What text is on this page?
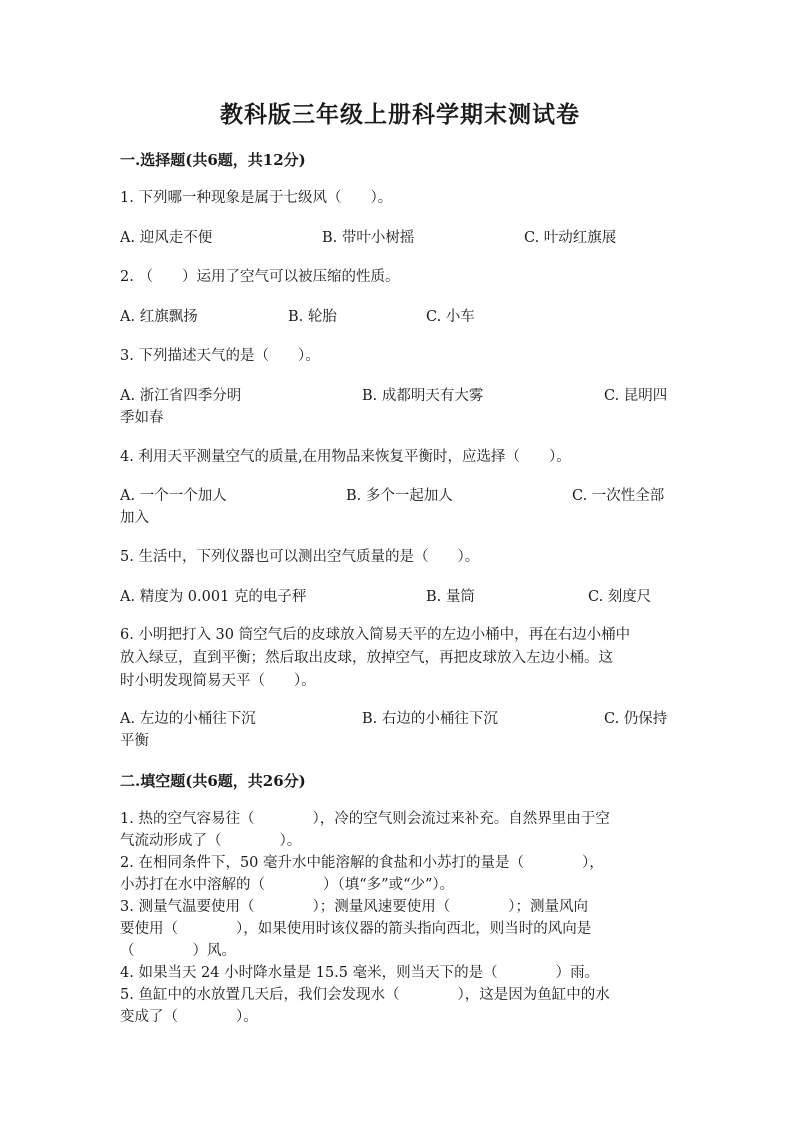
教科版三年级上册科学期末测试卷
一.选择题(共6题，共12分)
1. 下列哪一种现象是属于七级风（　　）。
A. 迎风走不便	B. 带叶小树摇	C. 叶动红旗展
2. （　　）运用了空气可以被压缩的性质。
A. 红旗飘扬	B. 轮胎	C. 小车
3. 下列描述天气的是（　　）。
A. 浙江省四季分明	B. 成都明天有大雾	C. 昆明四
季如春
4. 利用天平测量空气的质量,在用物品来恢复平衡时，应选择（　　）。
A. 一个一个加人	B. 多个一起加人	C. 一次性全部
加入
5. 生活中，下列仪器也可以测出空气质量的是（　　）。
A. 精度为 0.001 克的电子秤	B. 量筒	C. 刻度尺
6. 小明把打入 30 筒空气后的皮球放入简易天平的左边小桶中，再在右边小桶中
放入绿豆，直到平衡；然后取出皮球，放掉空气，再把皮球放入左边小桶。这
时小明发现简易天平（　　）。
A. 左边的小桶往下沉	B. 右边的小桶往下沉	C. 仍保持
平衡
二.填空题(共6题，共26分)
1. 热的空气容易往（　　　　），冷的空气则会流过来补充。自然界里由于空
气流动形成了（　　　　）。
2. 在相同条件下，50 毫升水中能溶解的食盐和小苏打的量是（　　　　），
小苏打在水中溶解的（　　　　）（填“多”或“少”）。
3. 测量气温要使用（　　　　）；测量风速要使用（　　　　）；测量风向
要使用（　　　　），如果使用时该仪器的箭头指向西北，则当时的风向是
（　　　　）风。
4. 如果当天 24 小时降水量是 15.5 毫米，则当天下的是（　　　　）雨。
5. 鱼缸中的水放置几天后，我们会发现水（　　　　），这是因为鱼缸中的水
变成了（　　　　）。
